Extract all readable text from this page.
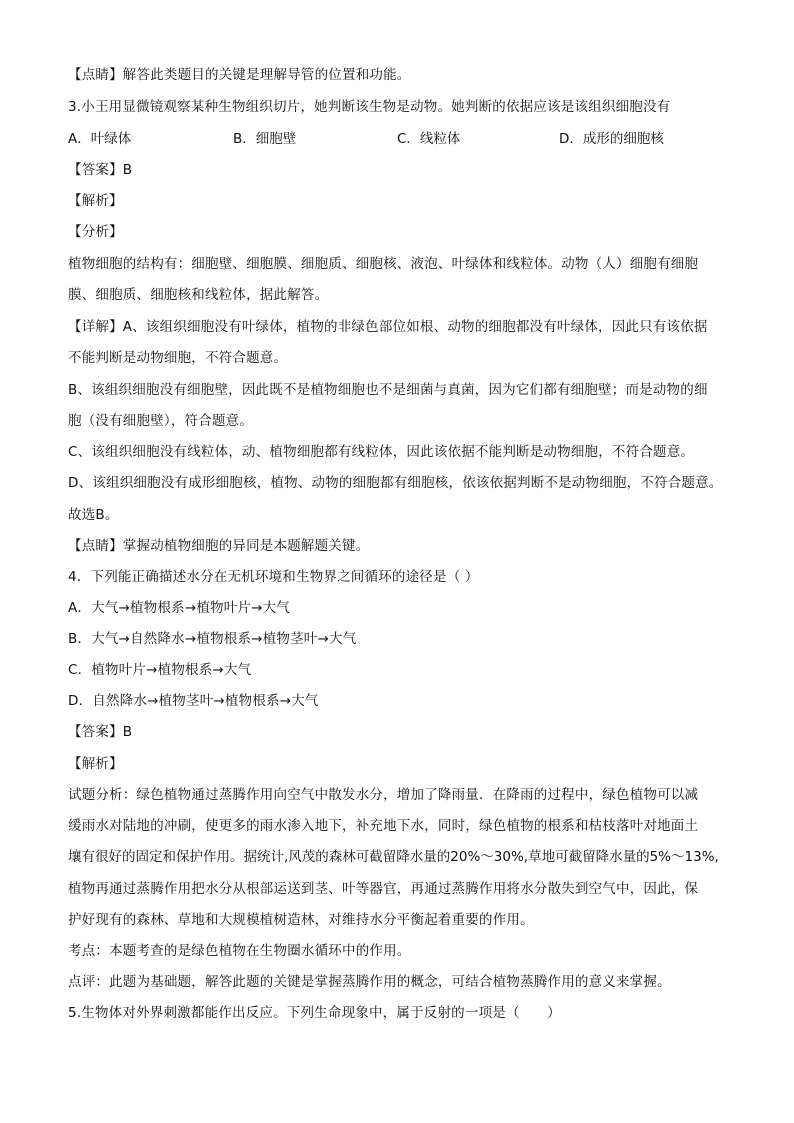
【点睛】解答此类题目的关键是理解导管的位置和功能。
3.小王用显微镜观察某种生物组织切片，她判断该生物是动物。她判断的依据应该是该组织细胞没有
A．叶绿体	B．细胞壁	C．线粒体	D．成形的细胞核
【答案】B
【解析】
【分析】
植物细胞的结构有：细胞壁、细胞膜、细胞质、细胞核、液泡、叶绿体和线粒体。动物（人）细胞有细胞
膜、细胞质、细胞核和线粒体，据此解答。
【详解】A、该组织细胞没有叶绿体，植物的非绿色部位如根、动物的细胞都没有叶绿体，因此只有该依据
不能判断是动物细胞，不符合题意。
B、该组织细胞没有细胞壁，因此既不是植物细胞也不是细菌与真菌，因为它们都有细胞壁；而是动物的细
胞（没有细胞壁），符合题意。
C、该组织细胞没有线粒体，动、植物细胞都有线粒体，因此该依据不能判断是动物细胞，不符合题意。
D、该组织细胞没有成形细胞核，植物、动物的细胞都有细胞核，依该依据判断不是动物细胞，不符合题意。
故选B。
【点睛】掌握动植物细胞的异同是本题解题关键。
4．下列能正确描述水分在无机环境和生物界之间循环的途径是（ ）
A．大气→植物根系→植物叶片→大气
B．大气→自然降水→植物根系→植物茎叶→大气
C．植物叶片→植物根系→大气
D．自然降水→植物茎叶→植物根系→大气
【答案】B
【解析】
试题分析：绿色植物通过蒸腾作用向空气中散发水分，增加了降雨量．在降雨的过程中，绿色植物可以减
缓雨水对陆地的冲刷，使更多的雨水渗入地下，补充地下水，同时，绿色植物的根系和枯枝落叶对地面土
壤有很好的固定和保护作用。据统计,风茂的森林可截留降水量的20%～30%,草地可截留降水量的5%～13%,
植物再通过蒸腾作用把水分从根部运送到茎、叶等器官，再通过蒸腾作用将水分散失到空气中，因此，保
护好现有的森林、草地和大规模植树造林，对维持水分平衡起着重要的作用。
考点：本题考查的是绿色植物在生物圈水循环中的作用。
点评：此题为基础题，解答此题的关键是掌握蒸腾作用的概念，可结合植物蒸腾作用的意义来掌握。
5.生物体对外界刺激都能作出反应。下列生命现象中，属于反射的一项是（　　）
